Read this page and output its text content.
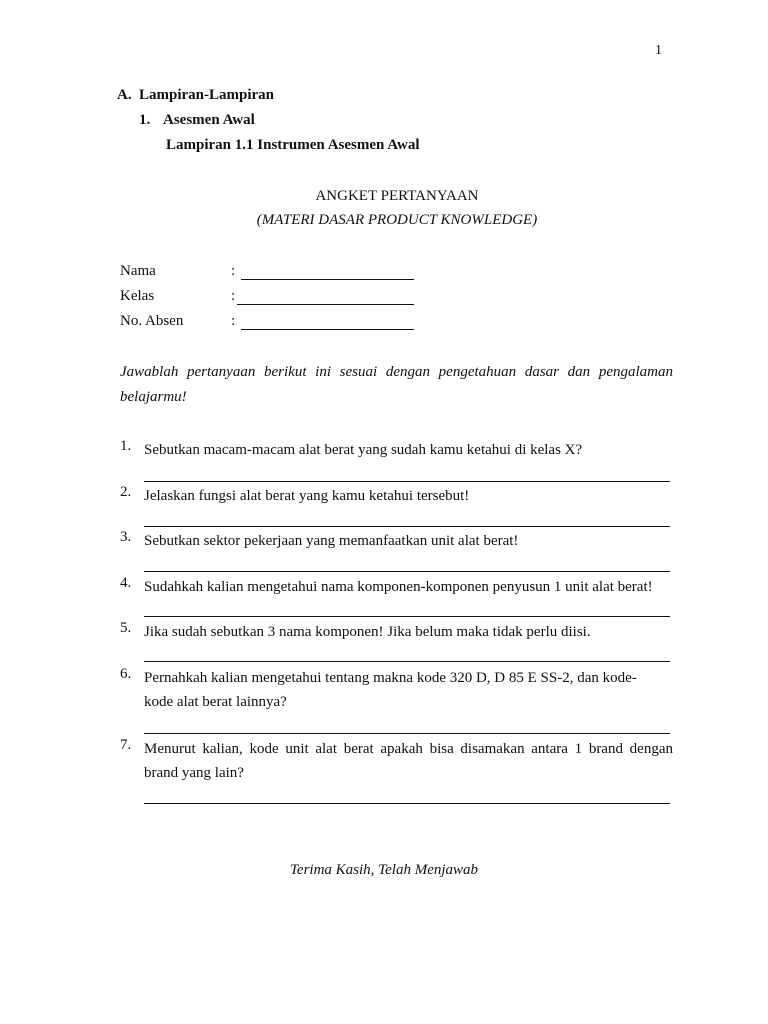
1
A. Lampiran-Lampiran
1. Asesmen Awal
Lampiran 1.1 Instrumen Asesmen Awal
ANGKET PERTANYAAN
(MATERI DASAR PRODUCT KNOWLEDGE)
Nama	:
Kelas	:
No. Absen	:
Jawablah pertanyaan berikut ini sesuai dengan pengetahuan dasar dan pengalaman belajarmu!
1. Sebutkan macam-macam alat berat yang sudah kamu ketahui di kelas X?
2. Jelaskan fungsi alat berat yang kamu ketahui tersebut!
3. Sebutkan sektor pekerjaan yang memanfaatkan unit alat berat!
4. Sudahkah kalian mengetahui nama komponen-komponen penyusun 1 unit alat berat!
5. Jika sudah sebutkan 3 nama komponen! Jika belum maka tidak perlu diisi.
6. Pernahkah kalian mengetahui tentang makna kode 320 D, D 85 E SS-2, dan kode-kode alat berat lainnya?
7. Menurut kalian, kode unit alat berat apakah bisa disamakan antara 1 brand dengan brand yang lain?
Terima Kasih, Telah Menjawab
